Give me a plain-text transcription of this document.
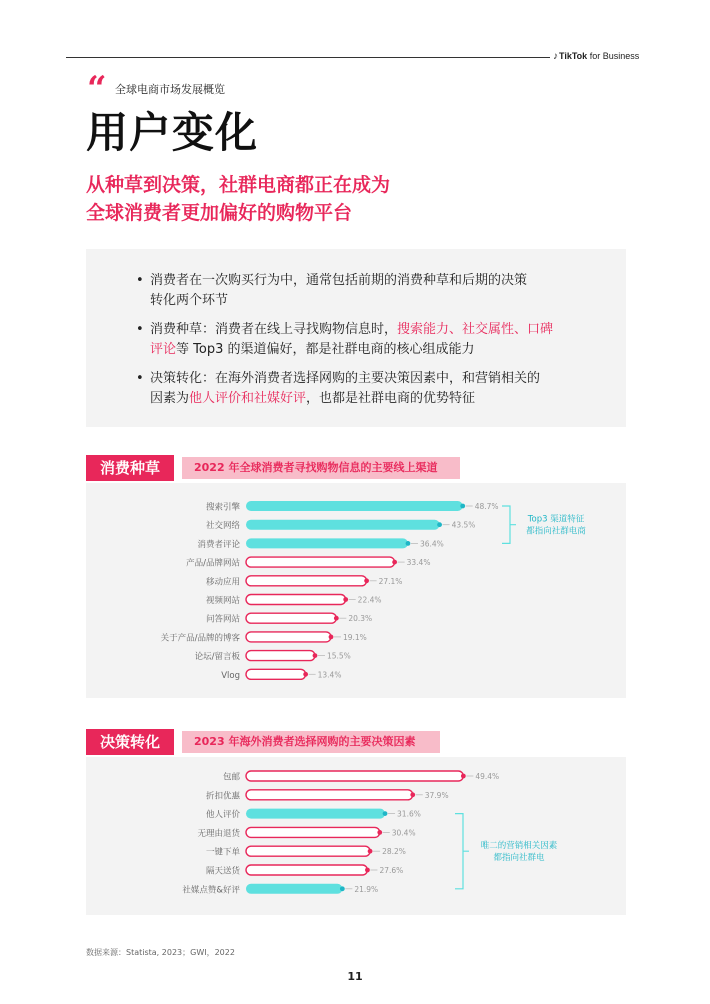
♪TikTok for Business
“ 全球电商市场发展概览
用户变化
从种草到决策，社群电商都正在成为
全球消费者更加偏好的购物平台
• 消费者在一次购买行为中，通常包括前期的消费种草和后期的决策
转化两个环节
• 消费种草：消费者在线上寻找购物信息时，搜索能力、社交属性、口碑
评论等 Top3 的渠道偏好，都是社群电商的核心组成能力
• 决策转化：在海外消费者选择网购的主要决策因素中，和营销相关的
因素为他人评价和社媒好评，也都是社群电商的优势特征
2022 年全球消费者寻找购物信息的主要线上渠道
消费种草
搜索引擎	48.7%
社交网络	43.5%
消费者评论	36.4%
产品/品牌网站	33.4%
移动应用	27.1%
视频网站	22.4%
问答网站	20.3%
关于产品/品牌的博客	19.1%
论坛/留言板	15.5%
Vlog	13.4%
Top3 渠道特征
都指向社群电商
2023 年海外消费者选择网购的主要决策因素
决策转化
包邮	49.4%
折扣优惠	37.9%
他人评价	31.6%
无理由退货	30.4%
一键下单	28.2%
隔天送货	27.6%
社媒点赞&好评	21.9%
唯二的营销相关因素
都指向社群电
数据来源：Statista, 2023；GWI，2022
11
